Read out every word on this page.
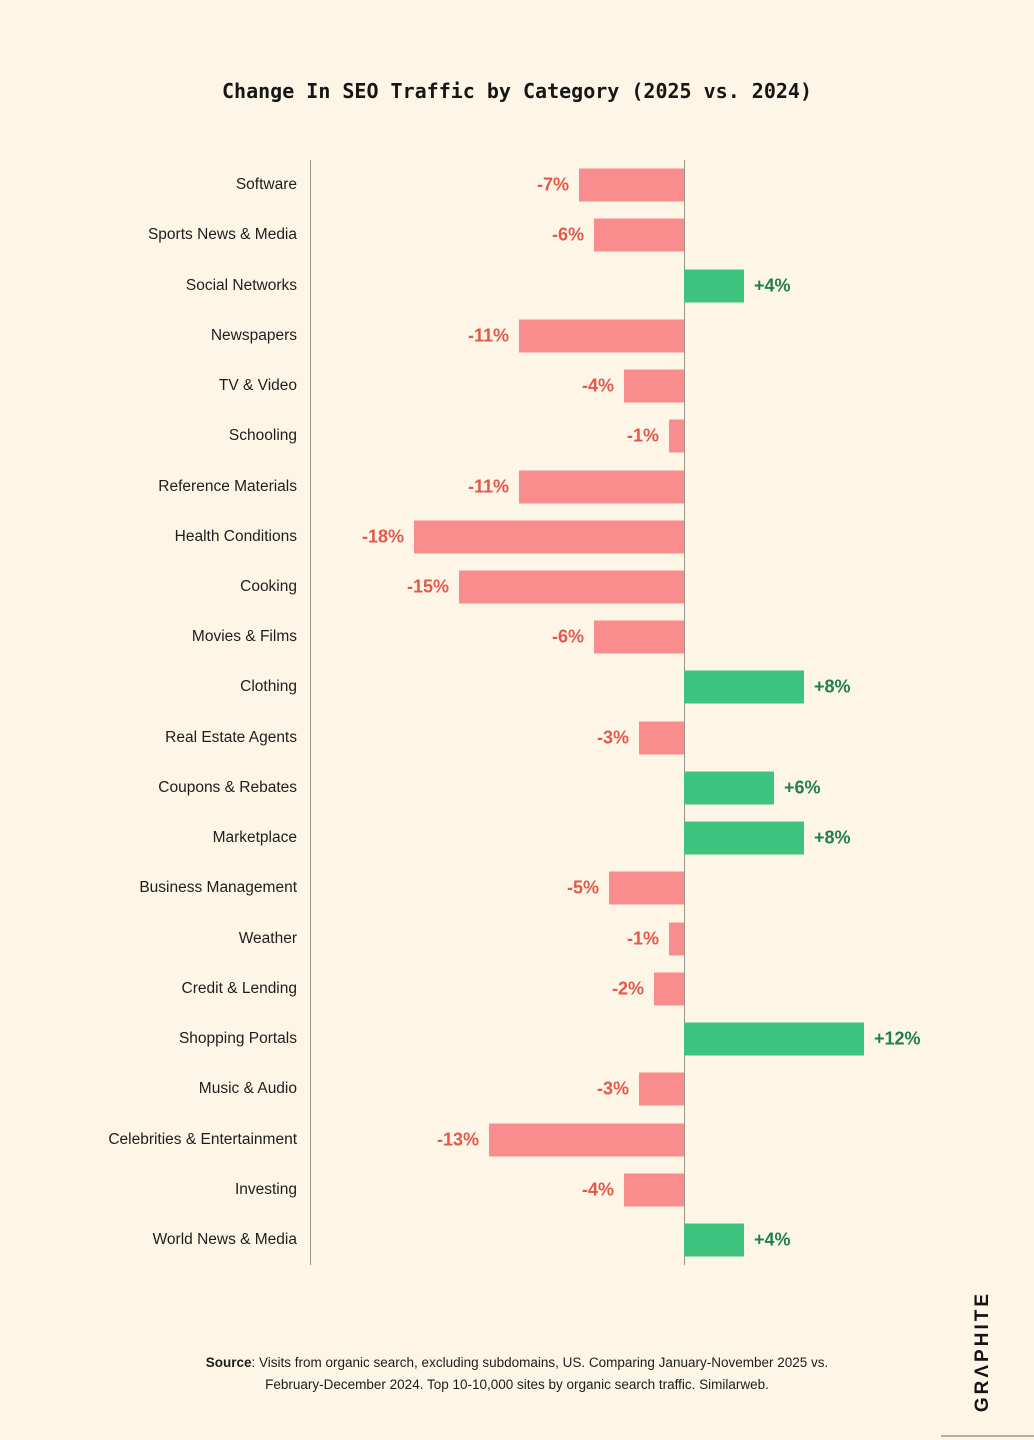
Change In SEO Traffic by Category (2025 vs. 2024)
Software	-7%
Sports News & Media	-6%
Social Networks	+4%
Newspapers	-11%
TV & Video	-4%
Schooling	-1%
Reference Materials	-11%
Health Conditions	-18%
Cooking	-15%
Movies & Films	-6%
Clothing	+8%
Real Estate Agents	-3%
Coupons & Rebates	+6%
Marketplace	+8%
Business Management	-5%
Weather	-1%
Credit & Lending	-2%
Shopping Portals	+12%
Music & Audio	-3%
Celebrities & Entertainment	-13%
Investing	-4%
World News & Media	+4%
Source: Visits from organic search, excluding subdomains, US. Comparing January-November 2025 vs. February-December 2024. Top 10-10,000 sites by organic search traffic. Similarweb.	GRΛPHITE
